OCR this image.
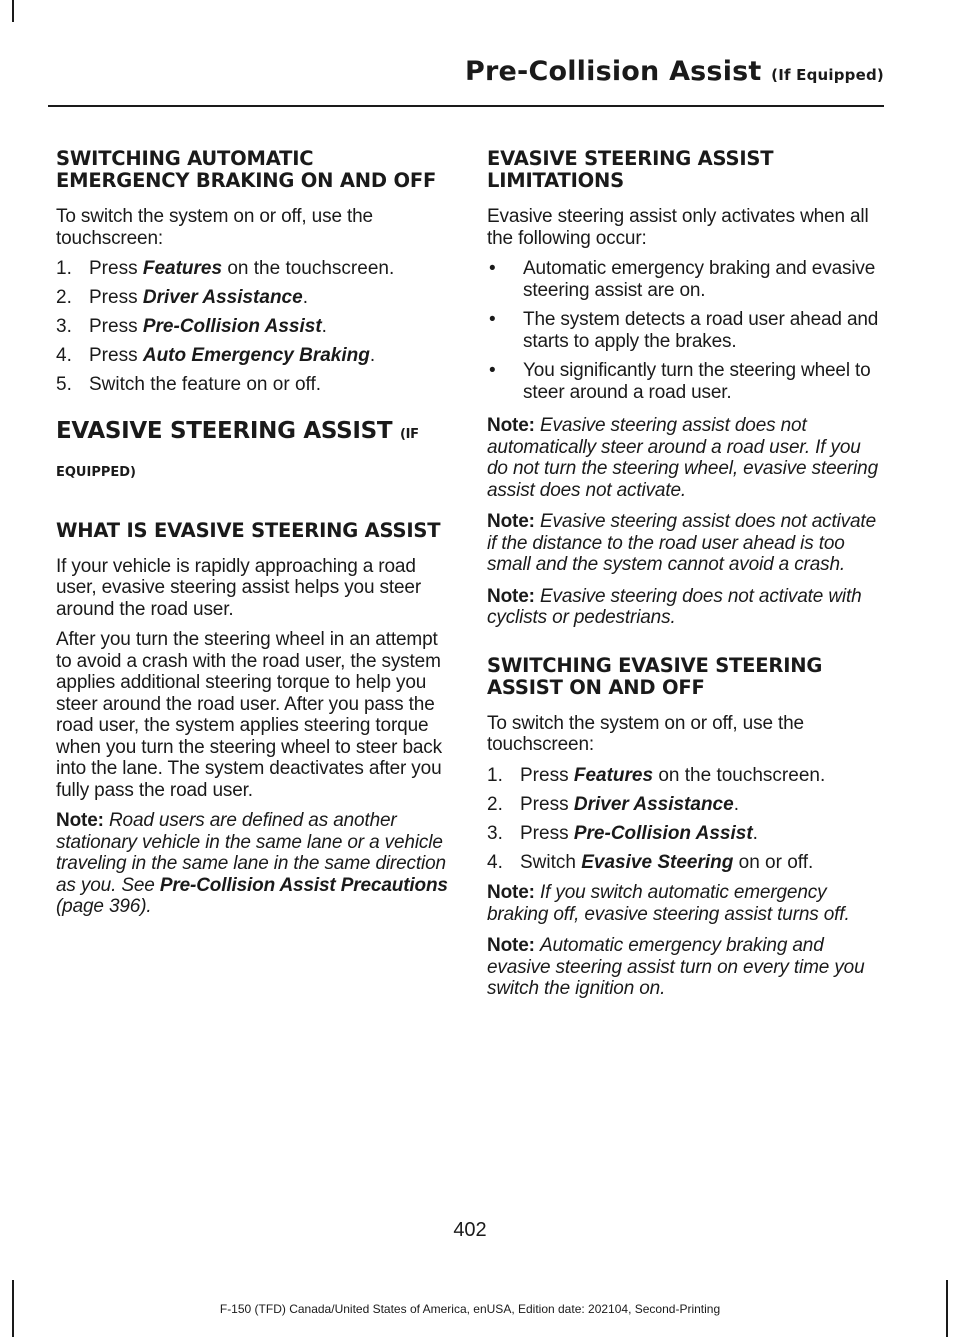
Pre-Collision Assist (If Equipped)
SWITCHING AUTOMATIC EMERGENCY BRAKING ON AND OFF

To switch the system on or off, use the touchscreen:

1. Press Features on the touchscreen.
2. Press Driver Assistance.
3. Press Pre-Collision Assist.
4. Press Auto Emergency Braking.
5. Switch the feature on or off.
EVASIVE STEERING ASSIST (IF
EQUIPPED)
WHAT IS EVASIVE STEERING ASSIST

If your vehicle is rapidly approaching a road user, evasive steering assist helps you steer around the road user.

After you turn the steering wheel in an attempt to avoid a crash with the road user, the system applies additional steering torque to help you steer around the road user. After you pass the road user, the system applies steering torque when you turn the steering wheel to steer back into the lane. The system deactivates after you fully pass the road user.

Note: Road users are defined as another stationary vehicle in the same lane or a vehicle traveling in the same lane in the same direction as you. See Pre-Collision Assist Precautions (page 396).

EVASIVE STEERING ASSIST LIMITATIONS

Evasive steering assist only activates when all the following occur:

•	Automatic emergency braking and evasive steering assist are on.
•	The system detects a road user ahead and starts to apply the brakes.
•	You significantly turn the steering wheel to steer around a road user.

Note: Evasive steering assist does not automatically steer around a road user. If you do not turn the steering wheel, evasive steering assist does not activate.

Note: Evasive steering assist does not activate if the distance to the road user ahead is too small and the system cannot avoid a crash.

Note: Evasive steering does not activate with cyclists or pedestrians.

SWITCHING EVASIVE STEERING ASSIST ON AND OFF

To switch the system on or off, use the touchscreen:

1. Press Features on the touchscreen.
2. Press Driver Assistance.
3. Press Pre-Collision Assist.
4. Switch Evasive Steering on or off.

Note: If you switch automatic emergency braking off, evasive steering assist turns off.

Note: Automatic emergency braking and evasive steering assist turn on every time you switch the ignition on.

402
F-150 (TFD) Canada/United States of America, enUSA, Edition date: 202104, Second-Printing
